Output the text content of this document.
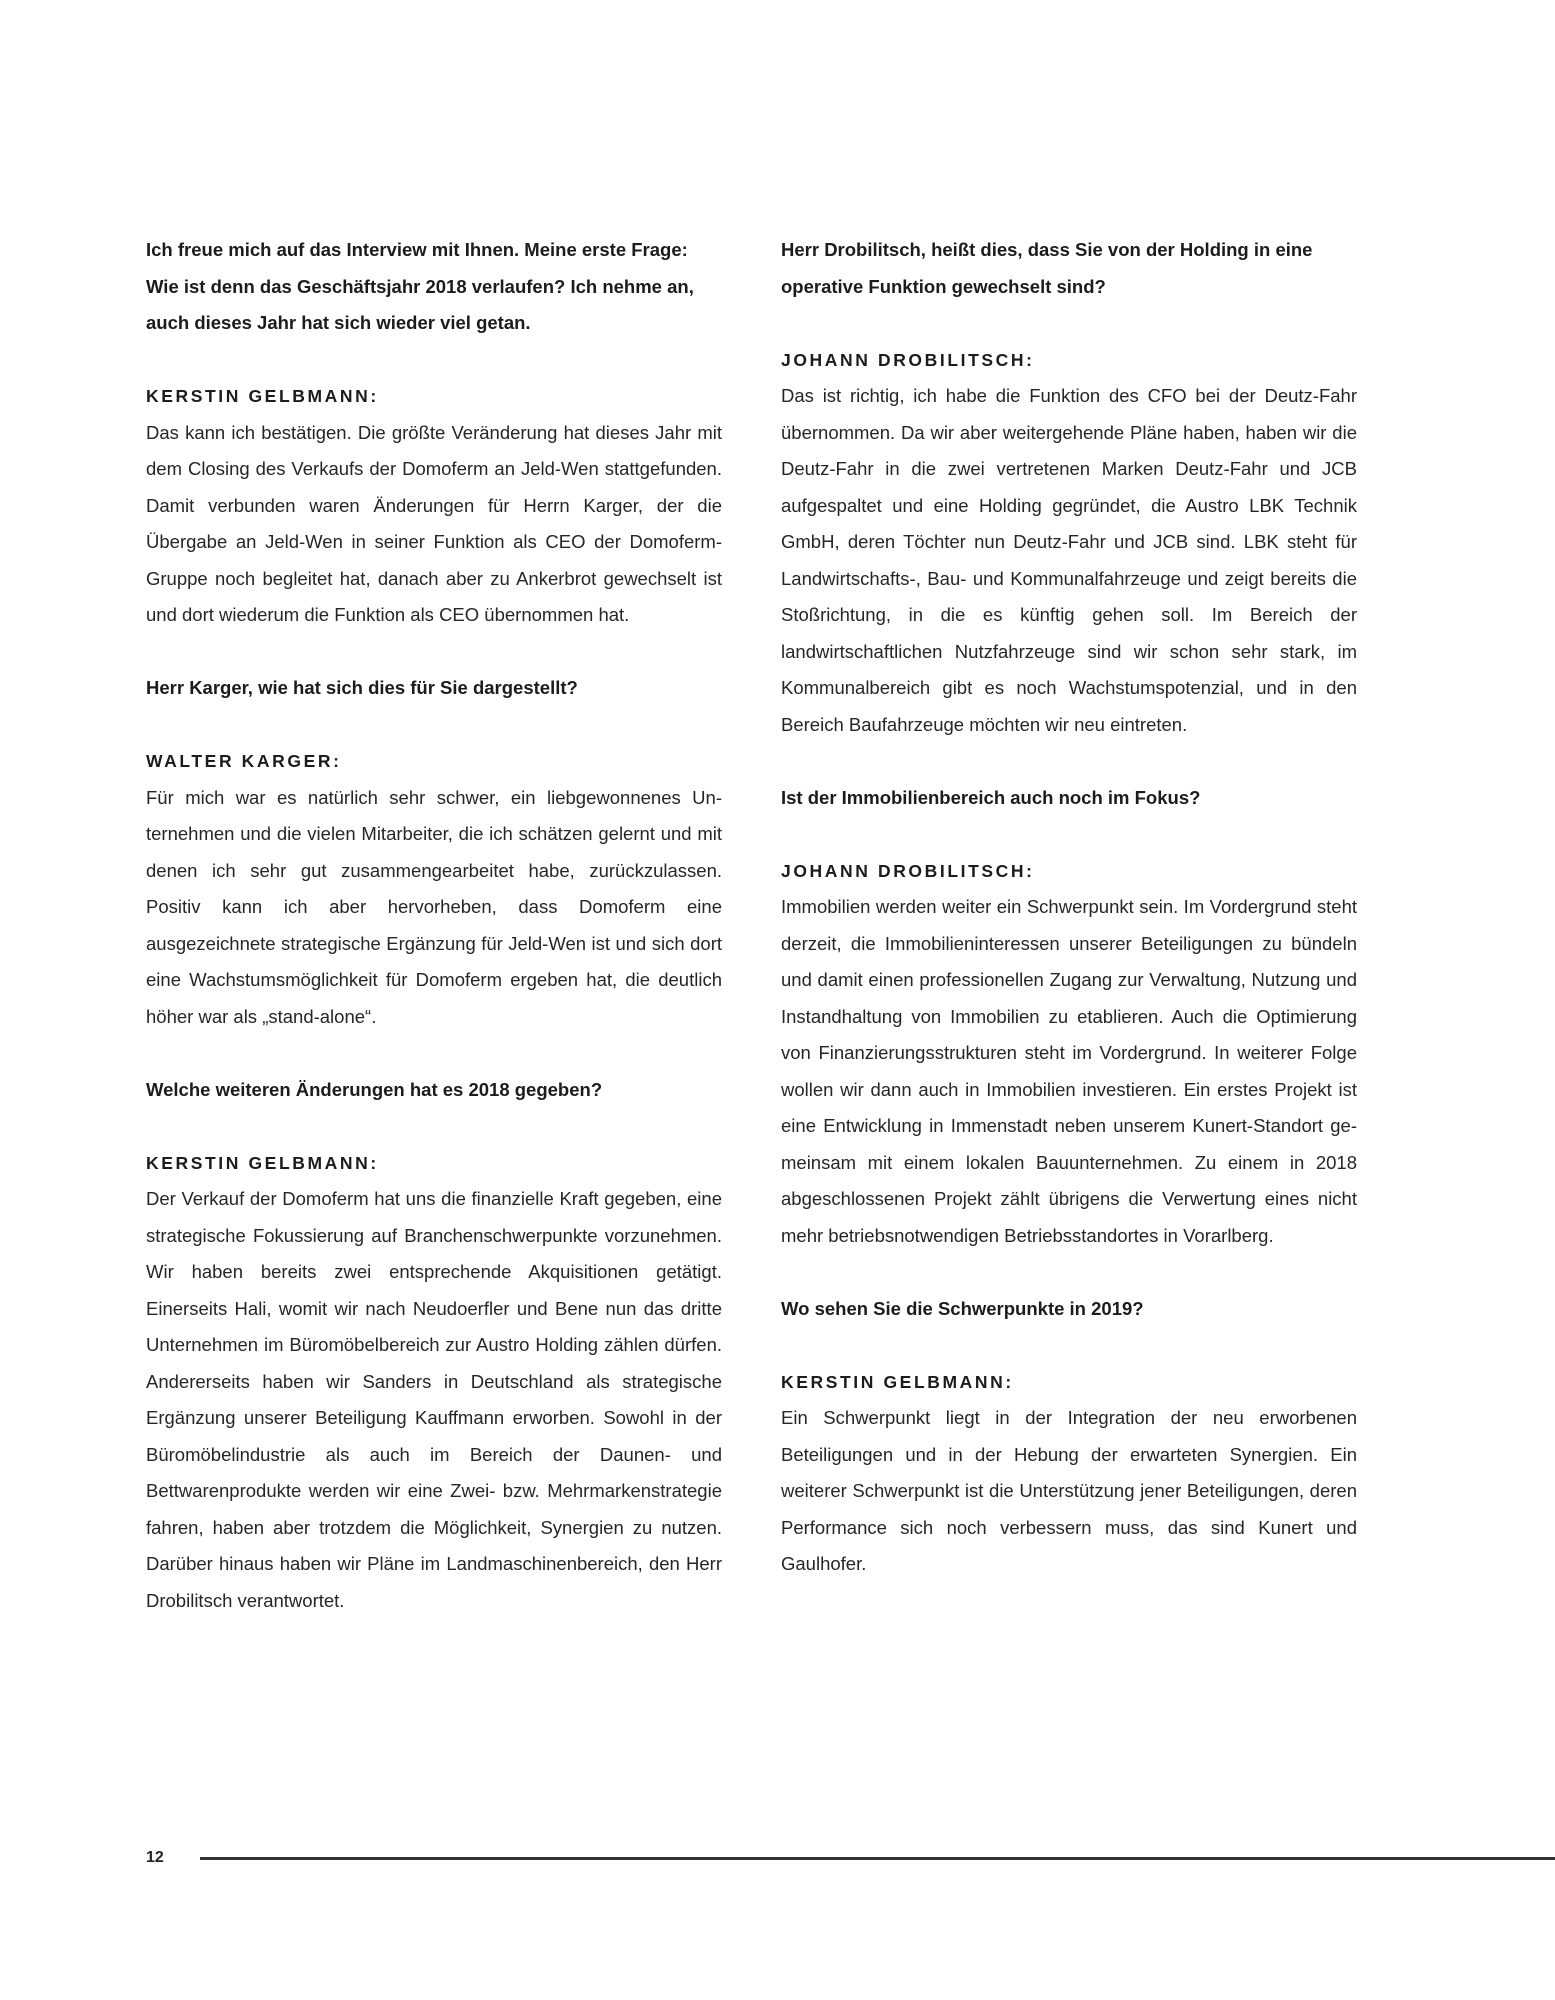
Ich freue mich auf das Interview mit Ihnen. Meine erste Frage: Wie ist denn das Geschäftsjahr 2018 verlaufen? Ich nehme an, auch dieses Jahr hat sich wieder viel getan.

KERSTIN GELBMANN:

Das kann ich bestätigen. Die größte Veränderung hat dieses Jahr mit dem Closing des Verkaufs der Domoferm an Jeld-Wen stattgefunden. Damit verbunden waren Änderungen für Herrn Karger, der die Übergabe an Jeld-Wen in seiner Funktion als CEO der Domoferm-Gruppe noch begleitet hat, danach aber zu Ankerbrot gewechselt ist und dort wiederum die Funktion als CEO übernommen hat.

Herr Karger, wie hat sich dies für Sie dargestellt?

WALTER KARGER:

Für mich war es natürlich sehr schwer, ein liebgewonnenes Unternehmen und die vielen Mitarbeiter, die ich schätzen gelernt und mit denen ich sehr gut zusammengearbeitet habe, zurückzulassen. Positiv kann ich aber hervorheben, dass Domoferm eine ausgezeichnete strategische Ergänzung für Jeld-Wen ist und sich dort eine Wachstumsmöglichkeit für Domoferm ergeben hat, die deutlich höher war als „stand-alone“.

Welche weiteren Änderungen hat es 2018 gegeben?

KERSTIN GELBMANN:

Der Verkauf der Domoferm hat uns die finanzielle Kraft gegeben, eine strategische Fokussierung auf Branchenschwerpunkte vorzunehmen. Wir haben bereits zwei entsprechende Akquisitionen getätigt. Einerseits Hali, womit wir nach Neudoerfler und Bene nun das dritte Unternehmen im Büromöbelbereich zur Austro Holding zählen dürfen. Andererseits haben wir Sanders in Deutschland als strategische Ergänzung unserer Beteiligung Kauffmann erworben. Sowohl in der Büromöbelindustrie als auch im Bereich der Daunen- und Bettwarenprodukte werden wir eine Zwei- bzw. Mehrmarkenstrategie fahren, haben aber trotzdem die Möglichkeit, Synergien zu nutzen. Darüber hinaus haben wir Pläne im Landmaschinenbereich, den Herr Drobilitsch verantwortet.

Herr Drobilitsch, heißt dies, dass Sie von der Holding in eine operative Funktion gewechselt sind?

JOHANN DROBILITSCH:

Das ist richtig, ich habe die Funktion des CFO bei der Deutz-Fahr übernommen. Da wir aber weitergehende Pläne haben, haben wir die Deutz-Fahr in die zwei vertretenen Marken Deutz-Fahr und JCB aufgespaltet und eine Holding gegründet, die Austro LBK Technik GmbH, deren Töchter nun Deutz-Fahr und JCB sind. LBK steht für Landwirtschafts-, Bau- und Kommunalfahrzeuge und zeigt bereits die Stoßrichtung, in die es künftig gehen soll. Im Bereich der landwirtschaftlichen Nutzfahrzeuge sind wir schon sehr stark, im Kommunalbereich gibt es noch Wachstumspotenzial, und in den Bereich Baufahrzeuge möchten wir neu eintreten.

Ist der Immobilienbereich auch noch im Fokus?

JOHANN DROBILITSCH:

Immobilien werden weiter ein Schwerpunkt sein. Im Vordergrund steht derzeit, die Immobilieninteressen unserer Beteiligungen zu bündeln und damit einen professionellen Zugang zur Verwaltung, Nutzung und Instandhaltung von Immobilien zu etablieren. Auch die Optimierung von Finanzierungsstrukturen steht im Vordergrund. In weiterer Folge wollen wir dann auch in Immobilien investieren. Ein erstes Projekt ist eine Entwicklung in Immenstadt neben unserem Kunert-Standort gemeinsam mit einem lokalen Bauunternehmen. Zu einem in 2018 abgeschlossenen Projekt zählt übrigens die Verwertung eines nicht mehr betriebsnotwendigen Betriebsstandortes in Vorarlberg.

Wo sehen Sie die Schwerpunkte in 2019?

KERSTIN GELBMANN:

Ein Schwerpunkt liegt in der Integration der neu erworbenen Beteiligungen und in der Hebung der erwarteten Synergien. Ein weiterer Schwerpunkt ist die Unterstützung jener Beteiligungen, deren Performance sich noch verbessern muss, das sind Kunert und Gaulhofer.

12
